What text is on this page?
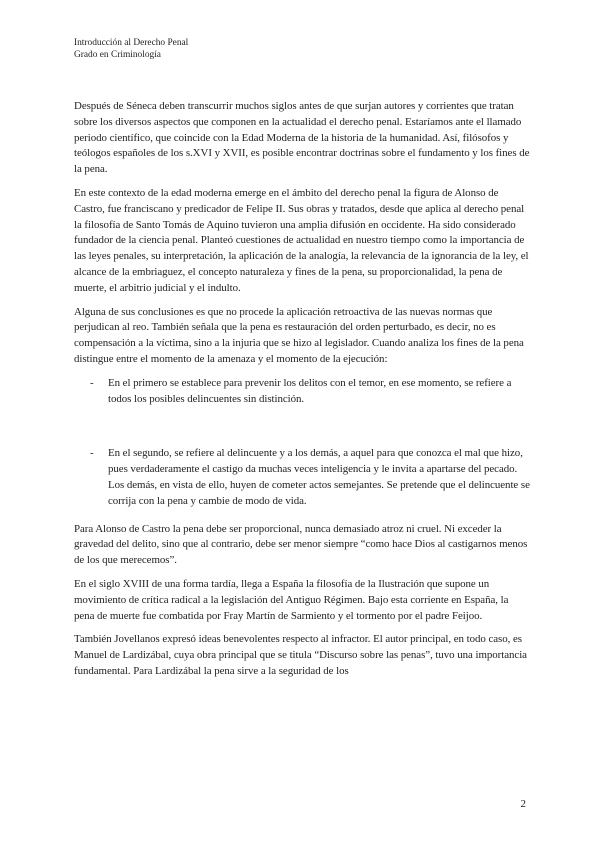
Introducción al Derecho Penal
Grado en Criminología

Después de Séneca deben transcurrir muchos siglos antes de que surjan autores y corrientes que tratan sobre los diversos aspectos que componen en la actualidad el derecho penal. Estaríamos ante el llamado periodo científico, que coincide con la Edad Moderna de la historia de la humanidad. Así, filósofos y teólogos españoles de los s.XVI y XVII, es posible encontrar doctrinas sobre el fundamento y los fines de la pena.

En este contexto de la edad moderna emerge en el ámbito del derecho penal la figura de Alonso de Castro, fue franciscano y predicador de Felipe II. Sus obras y tratados, desde que aplica al derecho penal la filosofía de Santo Tomás de Aquino tuvieron una amplia difusión en occidente. Ha sido considerado fundador de la ciencia penal. Planteó cuestiones de actualidad en nuestro tiempo como la importancia de las leyes penales, su interpretación, la aplicación de la analogía, la relevancia de la ignorancia de la ley, el alcance de la embriaguez, el concepto naturaleza y fines de la pena, su proporcionalidad, la pena de muerte, el arbitrio judicial y el indulto.

Alguna de sus conclusiones es que no procede la aplicación retroactiva de las nuevas normas que perjudican al reo. También señala que la pena es restauración del orden perturbado, es decir, no es compensación a la víctima, sino a la injuria que se hizo al legislador. Cuando analiza los fines de la pena distingue entre el momento de la amenaza y el momento de la ejecución:

- En el primero se establece para prevenir los delitos con el temor, en ese momento, se refiere a todos los posibles delincuentes sin distinción.
- En el segundo, se refiere al delincuente y a los demás, a aquel para que conozca el mal que hizo, pues verdaderamente el castigo da muchas veces inteligencia y le invita a apartarse del pecado. Los demás, en vista de ello, huyen de cometer actos semejantes. Se pretende que el delincuente se corrija con la pena y cambie de modo de vida.

Para Alonso de Castro la pena debe ser proporcional, nunca demasiado atroz ni cruel. Ni exceder la gravedad del delito, sino que al contrario, debe ser menor siempre “como hace Dios al castigarnos menos de los que merecemos”.

En el siglo XVIII de una forma tardía, llega a España la filosofía de la Ilustración que supone un movimiento de crítica radical a la legislación del Antiguo Régimen. Bajo esta corriente en España, la pena de muerte fue combatida por Fray Martín de Sarmiento y el tormento por el padre Feijoo.

También Jovellanos expresó ideas benevolentes respecto al infractor. El autor principal, en todo caso, es Manuel de Lardizábal, cuya obra principal que se titula “Discurso sobre las penas”, tuvo una importancia fundamental. Para Lardizábal la pena sirve a la seguridad de los

2
